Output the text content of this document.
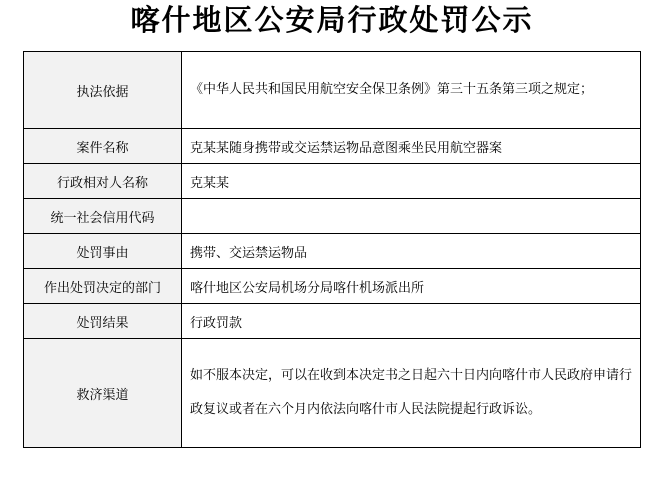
喀什地区公安局行政处罚公示
执法依据	《中华人民共和国民用航空安全保卫条例》第三十五条第三项之规定；
案件名称	克某某随身携带或交运禁运物品意图乘坐民用航空器案
行政相对人名称	克某某
统一社会信用代码	
处罚事由	携带、交运禁运物品
作出处罚决定的部门	喀什地区公安局机场分局喀什机场派出所
处罚结果	行政罚款
救济渠道	如不服本决定，可以在收到本决定书之日起六十日内向喀什市人民政府申请行政复议或者在六个月内依法向喀什市人民法院提起行政诉讼。
